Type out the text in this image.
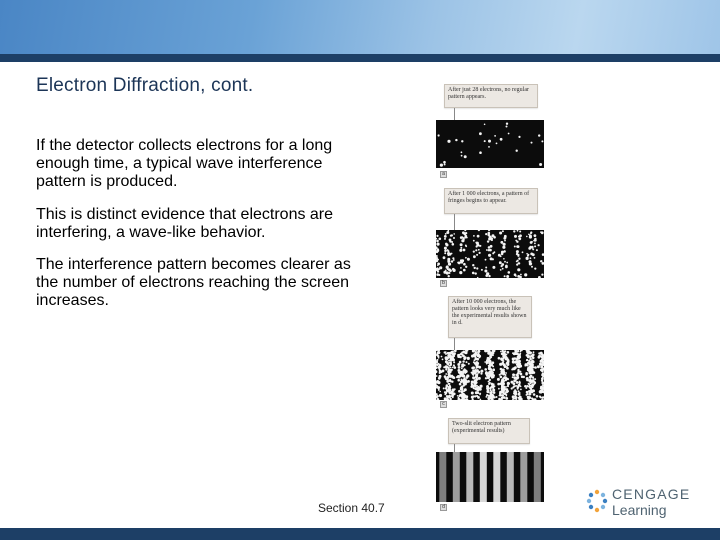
Electron Diffraction, cont.

If the detector collects electrons for a long enough time, a typical wave interference pattern is produced.

This is distinct evidence that electrons are interfering, a wave-like behavior.

The interference pattern becomes clearer as the number of electrons reaching the screen increases.

After just 28 electrons, no regular pattern appears.
a
After 1 000 electrons, a pattern of fringes begins to appear.
b
After 10 000 electrons, the pattern looks very much like the experimental results shown in d.
c
Two-slit electron pattern (experimental results)
d
Section 40.7
CENGAGE
Learning
